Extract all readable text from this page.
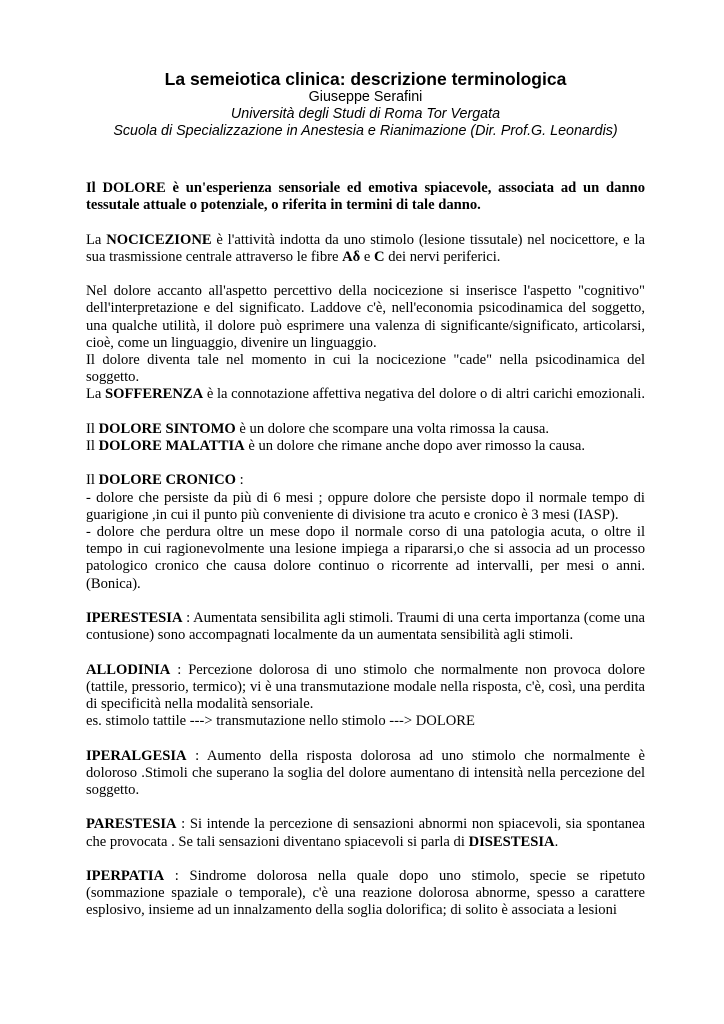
La semeiotica clinica: descrizione terminologica
Giuseppe Serafini
Università degli Studi di Roma Tor Vergata
Scuola di Specializzazione in Anestesia e Rianimazione (Dir. Prof.G. Leonardis)

Il DOLORE è un'esperienza sensoriale ed emotiva spiacevole, associata ad un danno tessutale attuale o potenziale, o riferita in termini di tale danno.

La NOCICEZIONE è l'attività indotta da uno stimolo (lesione tissutale) nel nocicettore, e la sua trasmissione centrale attraverso le fibre Aδ e C dei nervi periferici.

Nel dolore accanto all'aspetto percettivo della nocicezione si inserisce l'aspetto "cognitivo" dell'interpretazione e del significato. Laddove c'è, nell'economia psicodinamica del soggetto, una qualche utilità, il dolore può esprimere una valenza di significante/significato, articolarsi, cioè, come un linguaggio, divenire un linguaggio.
Il dolore diventa tale nel momento in cui la nocicezione "cade" nella psicodinamica del soggetto.
La SOFFERENZA è la connotazione affettiva negativa del dolore o di altri carichi emozionali.

Il DOLORE SINTOMO è un dolore che scompare una volta rimossa la causa.
Il DOLORE MALATTIA è un dolore che rimane anche dopo aver rimosso la causa.

Il DOLORE CRONICO :
- dolore che persiste da più di 6 mesi ; oppure dolore che persiste dopo il normale tempo di guarigione ,in cui il punto più conveniente di divisione tra acuto e cronico è 3 mesi (IASP).
- dolore che perdura oltre un mese dopo il normale corso di una patologia acuta, o oltre il tempo in cui ragionevolmente una lesione impiega a ripararsi,o che si associa ad un processo patologico cronico che causa dolore continuo o ricorrente ad intervalli, per mesi o anni. (Bonica).

IPERESTESIA : Aumentata sensibilita agli stimoli. Traumi di una certa importanza (come una contusione) sono accompagnati localmente da un aumentata sensibilità agli stimoli.

ALLODINIA : Percezione dolorosa di uno stimolo che normalmente non provoca dolore (tattile, pressorio, termico); vi è una transmutazione modale nella risposta, c'è, così, una perdita di specificità nella modalità sensoriale.
es. stimolo tattile ---> transmutazione nello stimolo ---> DOLORE

IPERALGESIA : Aumento della risposta dolorosa ad uno stimolo che normalmente è doloroso .Stimoli che superano la soglia del dolore aumentano di intensità nella percezione del soggetto.

PARESTESIA : Si intende la percezione di sensazioni abnormi non spiacevoli, sia spontanea che provocata . Se tali sensazioni diventano spiacevoli si parla di DISESTESIA.

IPERPATIA : Sindrome dolorosa nella quale dopo uno stimolo, specie se ripetuto (sommazione spaziale o temporale), c'è una reazione dolorosa abnorme, spesso a carattere esplosivo, insieme ad un innalzamento della soglia dolorifica; di solito è associata a lesioni
